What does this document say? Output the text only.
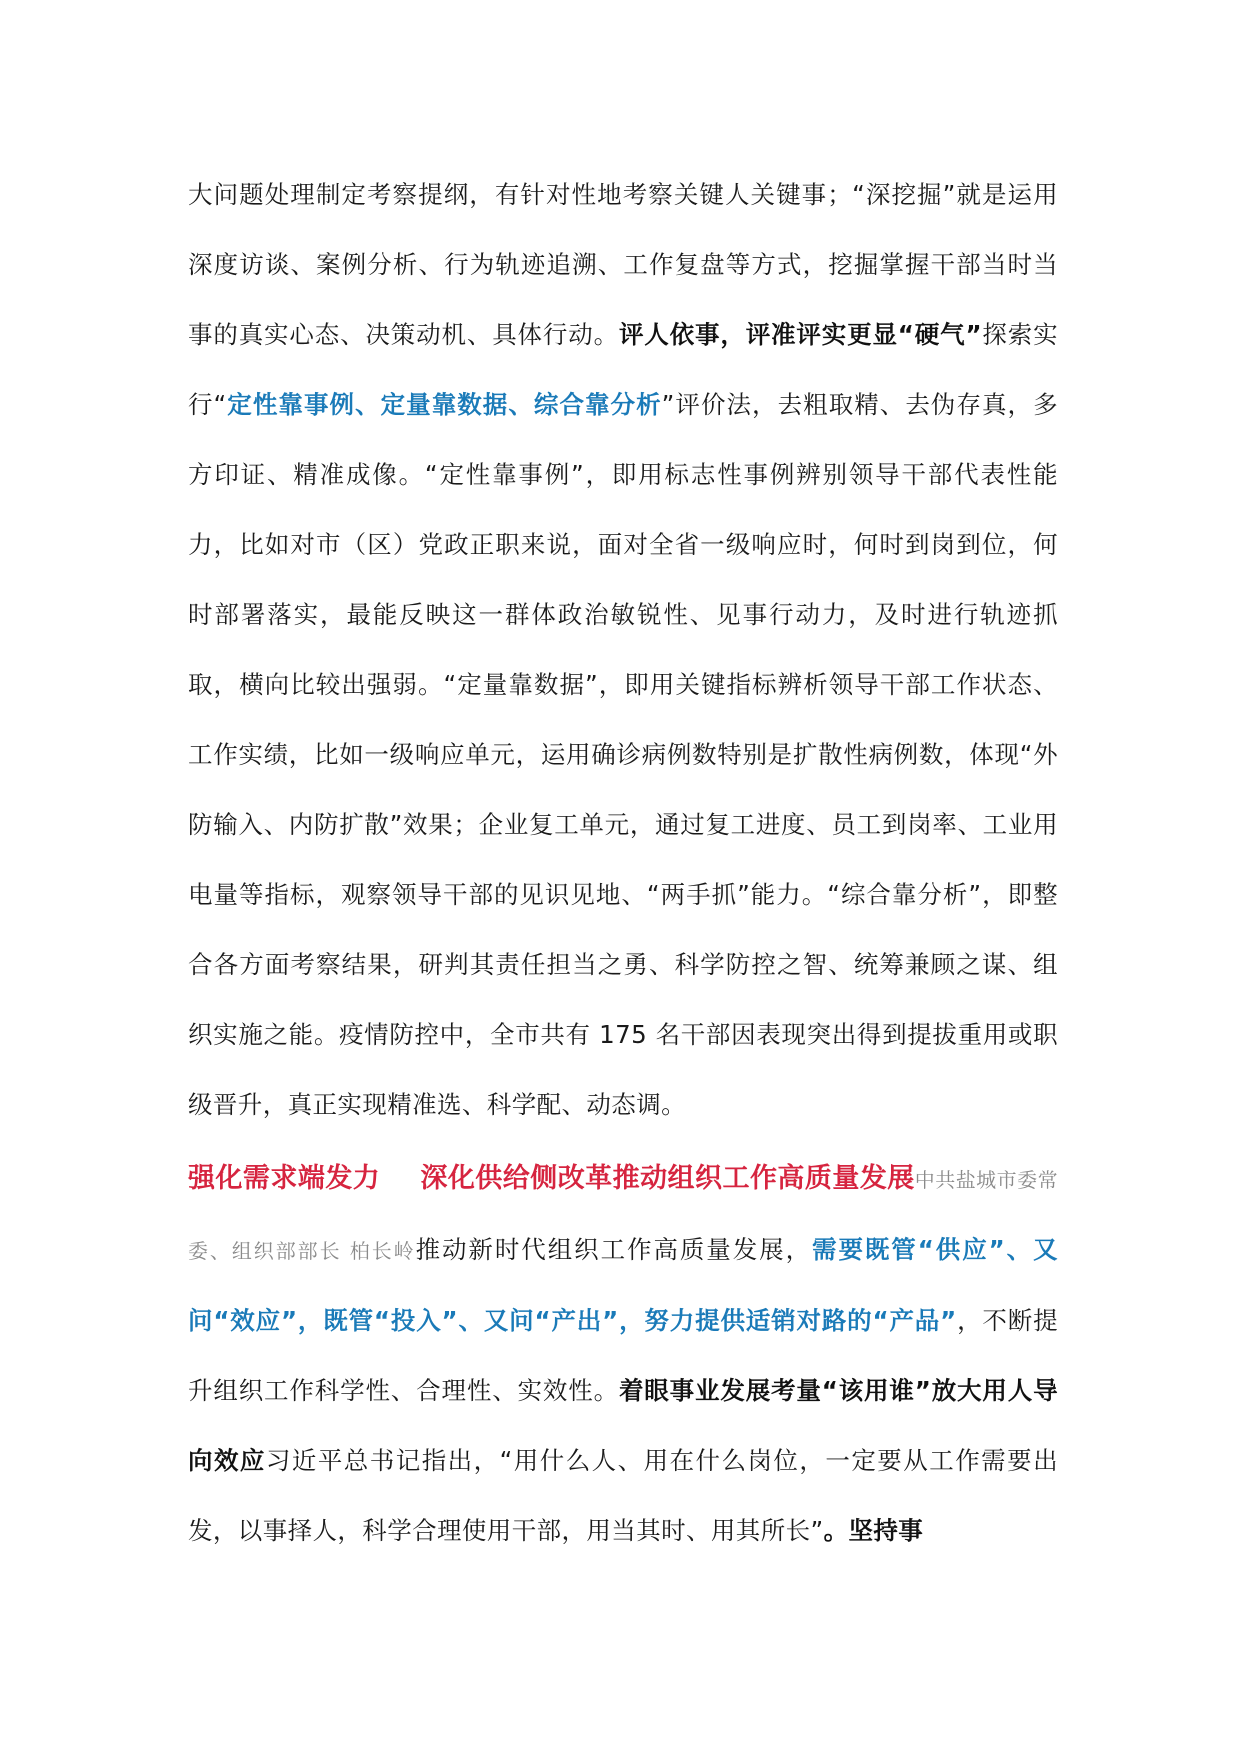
大问题处理制定考察提纲，有针对性地考察关键人关键事；“深挖掘”就是运用深度访谈、案例分析、行为轨迹追溯、工作复盘等方式，挖掘掌握干部当时当事的真实心态、决策动机、具体行动。评人依事，评准评实更显“硬气”探索实行“定性靠事例、定量靠数据、综合靠分析”评价法，去粗取精、去伪存真，多方印证、精准成像。“定性靠事例”，即用标志性事例辨别领导干部代表性能力，比如对市（区）党政正职来说，面对全省一级响应时，何时到岗到位，何时部署落实，最能反映这一群体政治敏锐性、见事行动力，及时进行轨迹抓取，横向比较出强弱。“定量靠数据”，即用关键指标辨析领导干部工作状态、工作实绩，比如一级响应单元，运用确诊病例数特别是扩散性病例数，体现“外防输入、内防扩散”效果；企业复工单元，通过复工进度、员工到岗率、工业用电量等指标，观察领导干部的见识见地、“两手抓”能力。“综合靠分析”，即整合各方面考察结果，研判其责任担当之勇、科学防控之智、统筹兼顾之谋、组织实施之能。疫情防控中，全市共有 175 名干部因表现突出得到提拔重用或职级晋升，真正实现精准选、科学配、动态调。

强化需求端发力 深化供给侧改革推动组织工作高质量发展中共盐城市委常委、组织部部长 柏长岭推动新时代组织工作高质量发展，需要既管“供应”、又问“效应”，既管“投入”、又问“产出”，努力提供适销对路的“产品”，不断提升组织工作科学性、合理性、实效性。着眼事业发展考量“该用谁”放大用人导向效应习近平总书记指出，“用什么人、用在什么岗位，一定要从工作需要出发，以事择人，科学合理使用干部，用当其时、用其所长”。坚持事
